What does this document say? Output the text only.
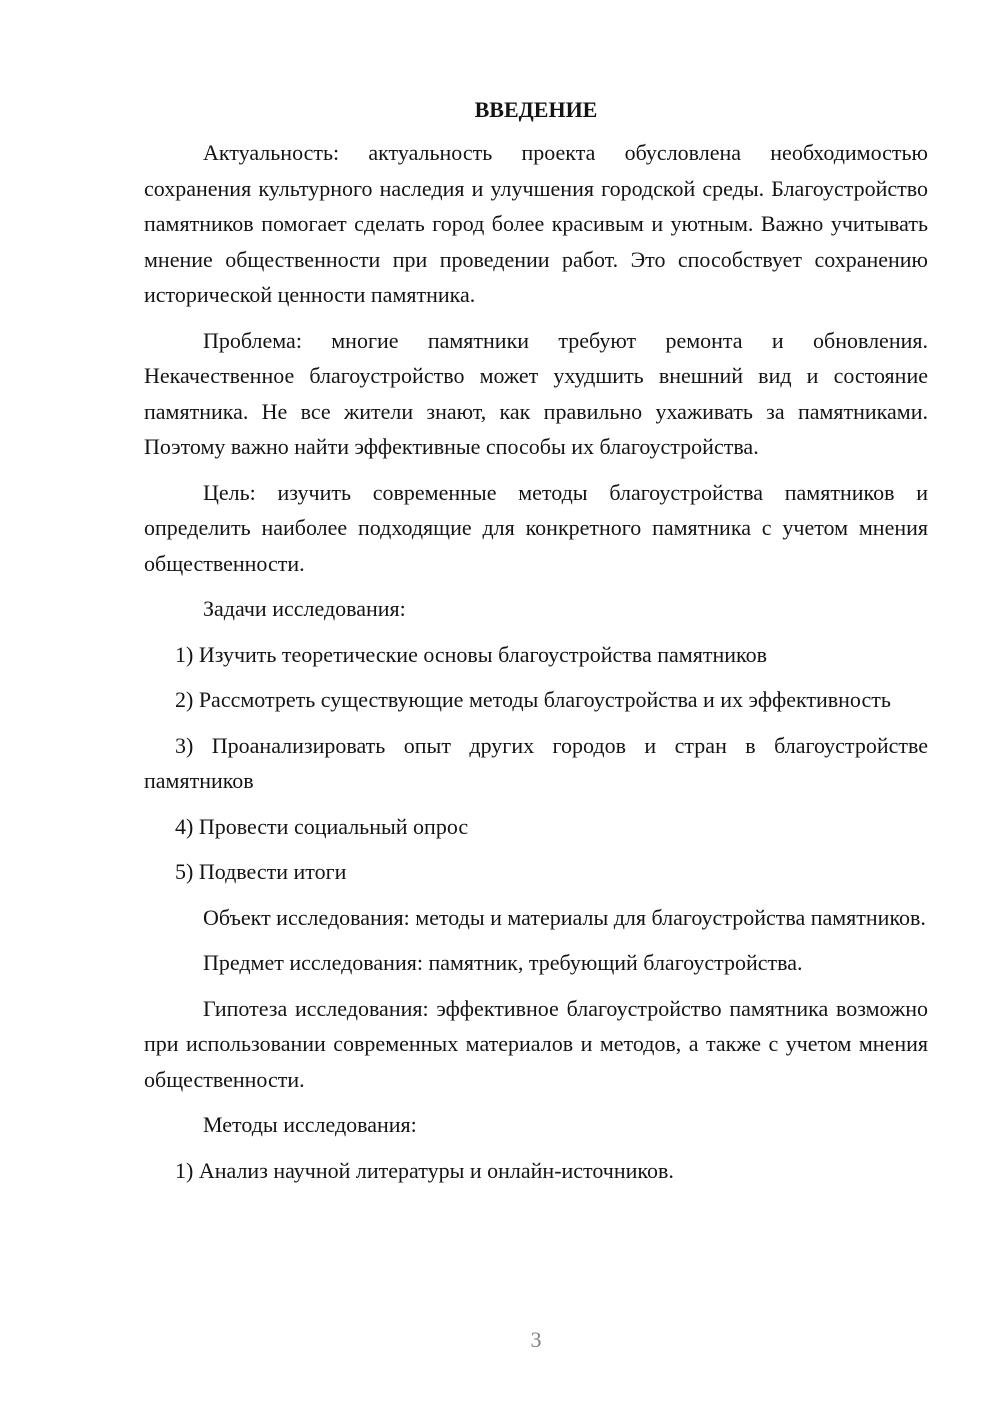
ВВЕДЕНИЕ

Актуальность: актуальность проекта обусловлена необходимостью сохранения культурного наследия и улучшения городской среды. Благоустройство памятников помогает сделать город более красивым и уютным. Важно учитывать мнение общественности при проведении работ. Это способствует сохранению исторической ценности памятника.

Проблема: многие памятники требуют ремонта и обновления. Некачественное благоустройство может ухудшить внешний вид и состояние памятника. Не все жители знают, как правильно ухаживать за памятниками. Поэтому важно найти эффективные способы их благоустройства.

Цель: изучить современные методы благоустройства памятников и определить наиболее подходящие для конкретного памятника с учетом мнения общественности.

Задачи исследования:

1) Изучить теоретические основы благоустройства памятников

2) Рассмотреть существующие методы благоустройства и их эффективность

3) Проанализировать опыт других городов и стран в благоустройстве памятников

4) Провести социальный опрос

5) Подвести итоги

Объект исследования: методы и материалы для благоустройства памятников.

Предмет исследования: памятник, требующий благоустройства.

Гипотеза исследования: эффективное благоустройство памятника возможно при использовании современных материалов и методов, а также с учетом мнения общественности.

Методы исследования:

1) Анализ научной литературы и онлайн-источников.

3
